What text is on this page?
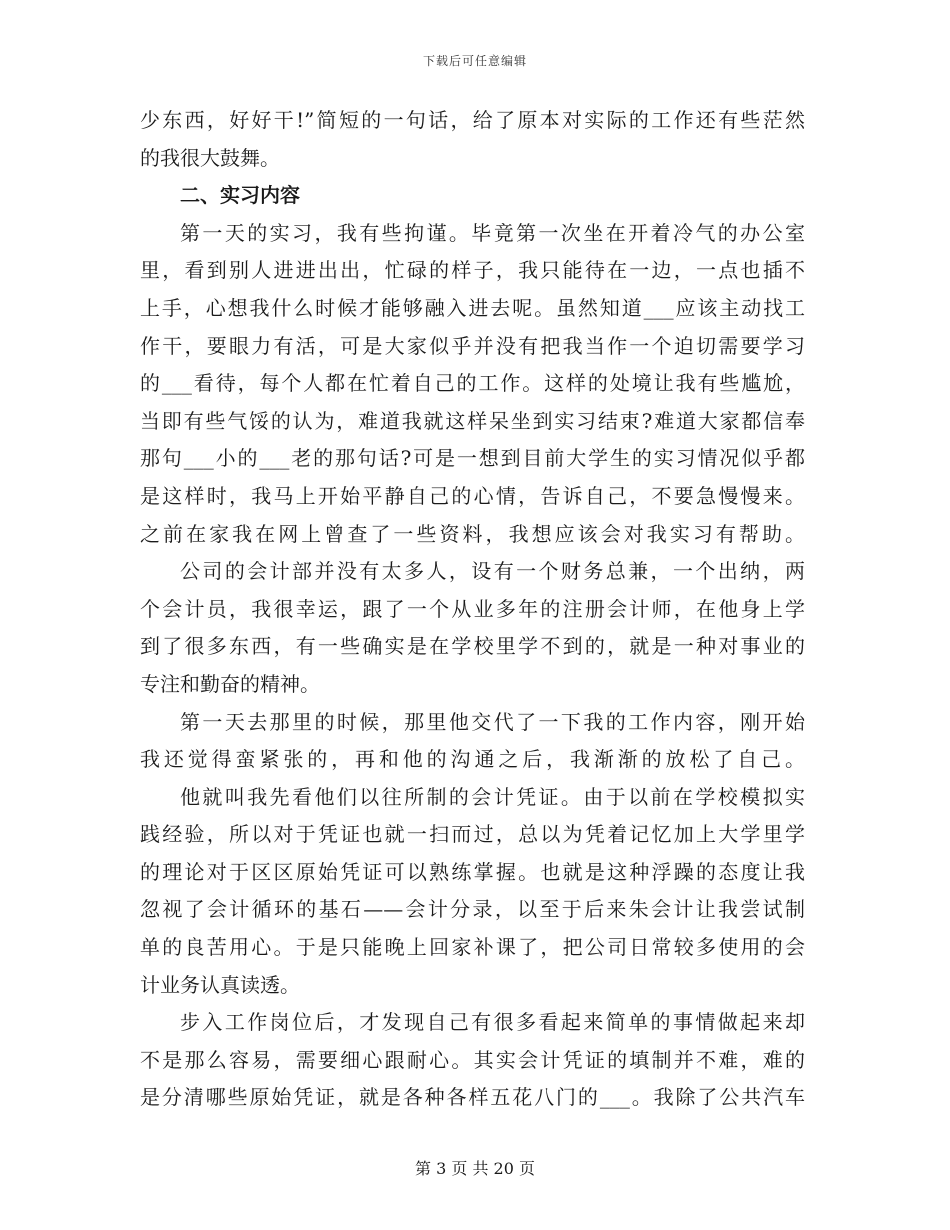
下载后可任意编辑
少东西，好好干!”简短的一句话，给了原本对实际的工作还有些茫然
的我很大鼓舞。
二、实习内容
第一天的实习，我有些拘谨。毕竟第一次坐在开着冷气的办公室
里，看到别人进进出出，忙碌的样子，我只能待在一边，一点也插不
上手，心想我什么时候才能够融入进去呢。虽然知道___应该主动找工
作干，要眼力有活，可是大家似乎并没有把我当作一个迫切需要学习
的___看待，每个人都在忙着自己的工作。这样的处境让我有些尴尬，
当即有些气馁的认为，难道我就这样呆坐到实习结束?难道大家都信奉
那句___小的___老的那句话?可是一想到目前大学生的实习情况似乎都
是这样时，我马上开始平静自己的心情，告诉自己，不要急慢慢来。
之前在家我在网上曾查了一些资料，我想应该会对我实习有帮助。
公司的会计部并没有太多人，设有一个财务总兼，一个出纳，两
个会计员，我很幸运，跟了一个从业多年的注册会计师，在他身上学
到了很多东西，有一些确实是在学校里学不到的，就是一种对事业的
专注和勤奋的精神。
第一天去那里的时候，那里他交代了一下我的工作内容，刚开始
我还觉得蛮紧张的，再和他的沟通之后，我渐渐的放松了自己。
他就叫我先看他们以往所制的会计凭证。由于以前在学校模拟实
践经验，所以对于凭证也就一扫而过，总以为凭着记忆加上大学里学
的理论对于区区原始凭证可以熟练掌握。也就是这种浮躁的态度让我
忽视了会计循环的基石——会计分录，以至于后来朱会计让我尝试制
单的良苦用心。于是只能晚上回家补课了，把公司日常较多使用的会
计业务认真读透。
步入工作岗位后，才发现自己有很多看起来简单的事情做起来却
不是那么容易，需要细心跟耐心。其实会计凭证的填制并不难，难的
是分清哪些原始凭证，就是各种各样五花八门的___。我除了公共汽车
第 3 页 共 20 页
